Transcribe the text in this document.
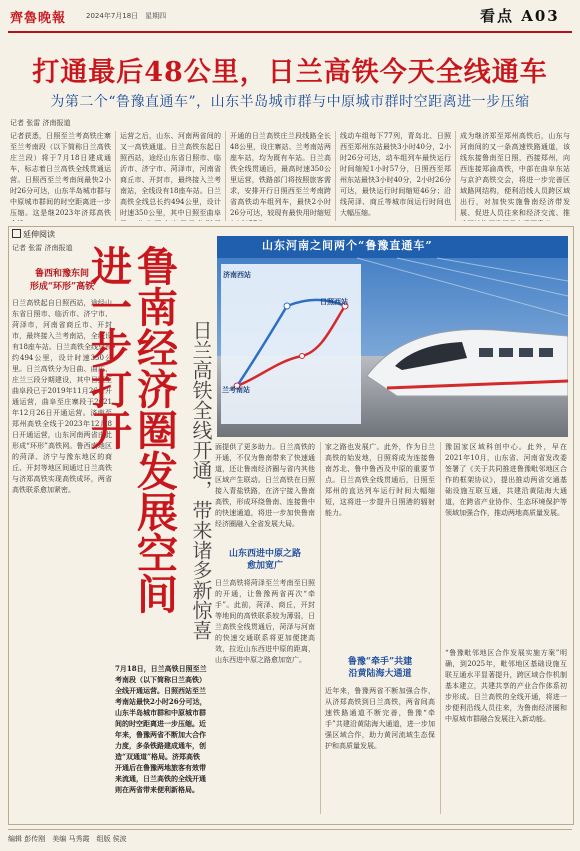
齊魯晚報	2024年7月18日　星期四	看点 A03
打通最后48公里，日兰高铁今天全线通车
为第二个“鲁豫直通车”，山东半岛城市群与中原城市群时空距离进一步压缩
记者 张雷 济南报道
记者获悉，日照至兰考高铁庄寨至兰考南段（以下简称日兰高铁庄兰段）将于7月18日建成通车，标志着日兰高铁全线贯通运营。日照西至兰考南间最快2小时26分可达，山东半岛城市群与中原城市群间的时空距离进一步压缩。这是继2023年济郑高铁
运营之后，山东、河南两省间的又一高铁通道。日兰高铁东起日照西站，途经山东省日照市、临沂市、济宁市、菏泽市，河南省商丘市、开封市，最终接入兰考南站，全线设有18座车站。日兰高铁全线总长约494公里，设计时速350公里，其中日照至曲阜
开通的日兰高铁庄兰段线路全长48公里，设庄寨站、兰考南站两座车站，均为既有车站。日兰高铁全线贯通后，最高时速350公里运营，铁路部门将按照旅客需求，安排开行日照西至兰考南跨省高铁动车组列车，最快2小时26分可达，较现有最快用时缩短
线动车组每下77列，青岛北、日照西至郑州东站最快3小时40分，2小时26分可达，动车组列车最快运行时间缩短1小时57分，日照西至郑州东站最快3小时40分，2小时26分可达，最快运行时间缩短46分；沿线菏泽、商丘等城市间运行时间也大幅压缩。
成为继济郑至郑州高铁后，山东与河南间的又一条高速铁路通道，该线东接鲁南至日照，西接郑州，向西连接郑渝高铁，中部在曲阜东站与京沪高铁交会，将进一步完善区域路网结构，便利沿线人员跨区域出行，对加快实施鲁南经济带发展、促进人员往来和经济交流、推
延伸阅读
记者 张雷 济南报道
鲁西和豫东间
形成“环形”高铁
日兰高铁起自日照西站，途经山东省日照市、临沂市、济宁市、菏泽市，河南省商丘市、开封市，最终接入兰考南站，全线设有18座车站。日兰高铁全线总长约494公里，设计时速350公里。日兰高铁分为日曲、曲庄、庄兰三段分期建设，其中日照至曲阜段已于2019年11月26日开通运营，曲阜至庄寨段于2021年12月26日开通运营。济南至郑州高铁全线于2023年12月8日开通运营，山东河南两省由此形成“环形”高铁网。鲁西南地区的菏泽、济宁与豫东地区的商丘、开封等地区间通过日兰高铁与济郑高铁实现高铁成环，两省高铁联系愈加紧密。	鲁南经济圈发展空间进一步打开	日兰高铁全线开通，带来诸多新惊喜
济南西站
日照西站
兰考南站
山东河南之间两个“鲁豫直通车”
7月18日，日兰高铁日照至兰考南段（以下简称日兰高铁）全线开通运营。日照西站至兰考南站最快2小时26分可达，山东半岛城市群和中原城市群间的时空距离进一步压缩。近年来，鲁豫两省不断加大合作力度，多条铁路建成通车，创造“双通道”格局。济郑高铁开通后在鲁豫两地旅客有效带来流通，日兰高铁的全线开通则在两省带来便利新格局。
面提供了更多助力。日兰高铁的开通，不仅为鲁南带来了快速通道，还让鲁南经济圈与省内其他区域产生联动。日兰高铁在日照接入青盐铁路，在济宁接入鲁南高铁，形成环绕鲁南、连接鲁中的快速通道，将进一步加快鲁南经济圈融入全省发展大局。
山东西进中原之路
愈加宽广
日兰高铁将菏泽至兰考南至日照的开通，让鲁豫两省再次“牵手”。此前，菏泽、商丘，开封等地间的高铁联系较为薄弱，日兰高铁全线贯通后，菏泽与河南的快速交通联系将更加便捷高效，拉近山东西进中原的距离，山东西进中原之路愈加宽广。
家之路也发展广。此外，作为日兰高铁的始发地，日照将成为连接鲁南苏北、鲁中鲁西及中原的重要节点。日兰高铁全线贯通后，日照至郑州的直达列车运行时间大幅缩短，这将进一步提升日照港的辐射能力。
鲁豫“牵手”共建
沿黄陆海大通道
近年来，鲁豫两省不断加强合作，从济郑高铁到日兰高铁，两省间高速铁路通道不断完善，鲁豫“牵手”共建沿黄陆海大通道，进一步加强区域合作，助力黄河流域生态保护和高质量发展。
豫国家区域科创中心。此外，早在2021年10月，山东省、河南省发改委签署了《关于共同推进鲁豫毗邻地区合作的框架协议》，提出推动两省交通基础设施互联互通，共建沿黄陆海大通道，在跨省产业协作、生态环境保护等领域加强合作，推动两地高质量发展。
“鲁豫毗邻地区合作发展实施方案”明确，到2025年，毗邻地区基础设施互联互通水平显著提升，跨区域合作机制基本建立，共建共享的产业合作体系初步形成。日兰高铁的全线开通，将进一步便利沿线人员往来，为鲁南经济圈和中原城市群融合发展注入新动能。
编辑 彭传刚　美编 马秀霞　组版 侯波
